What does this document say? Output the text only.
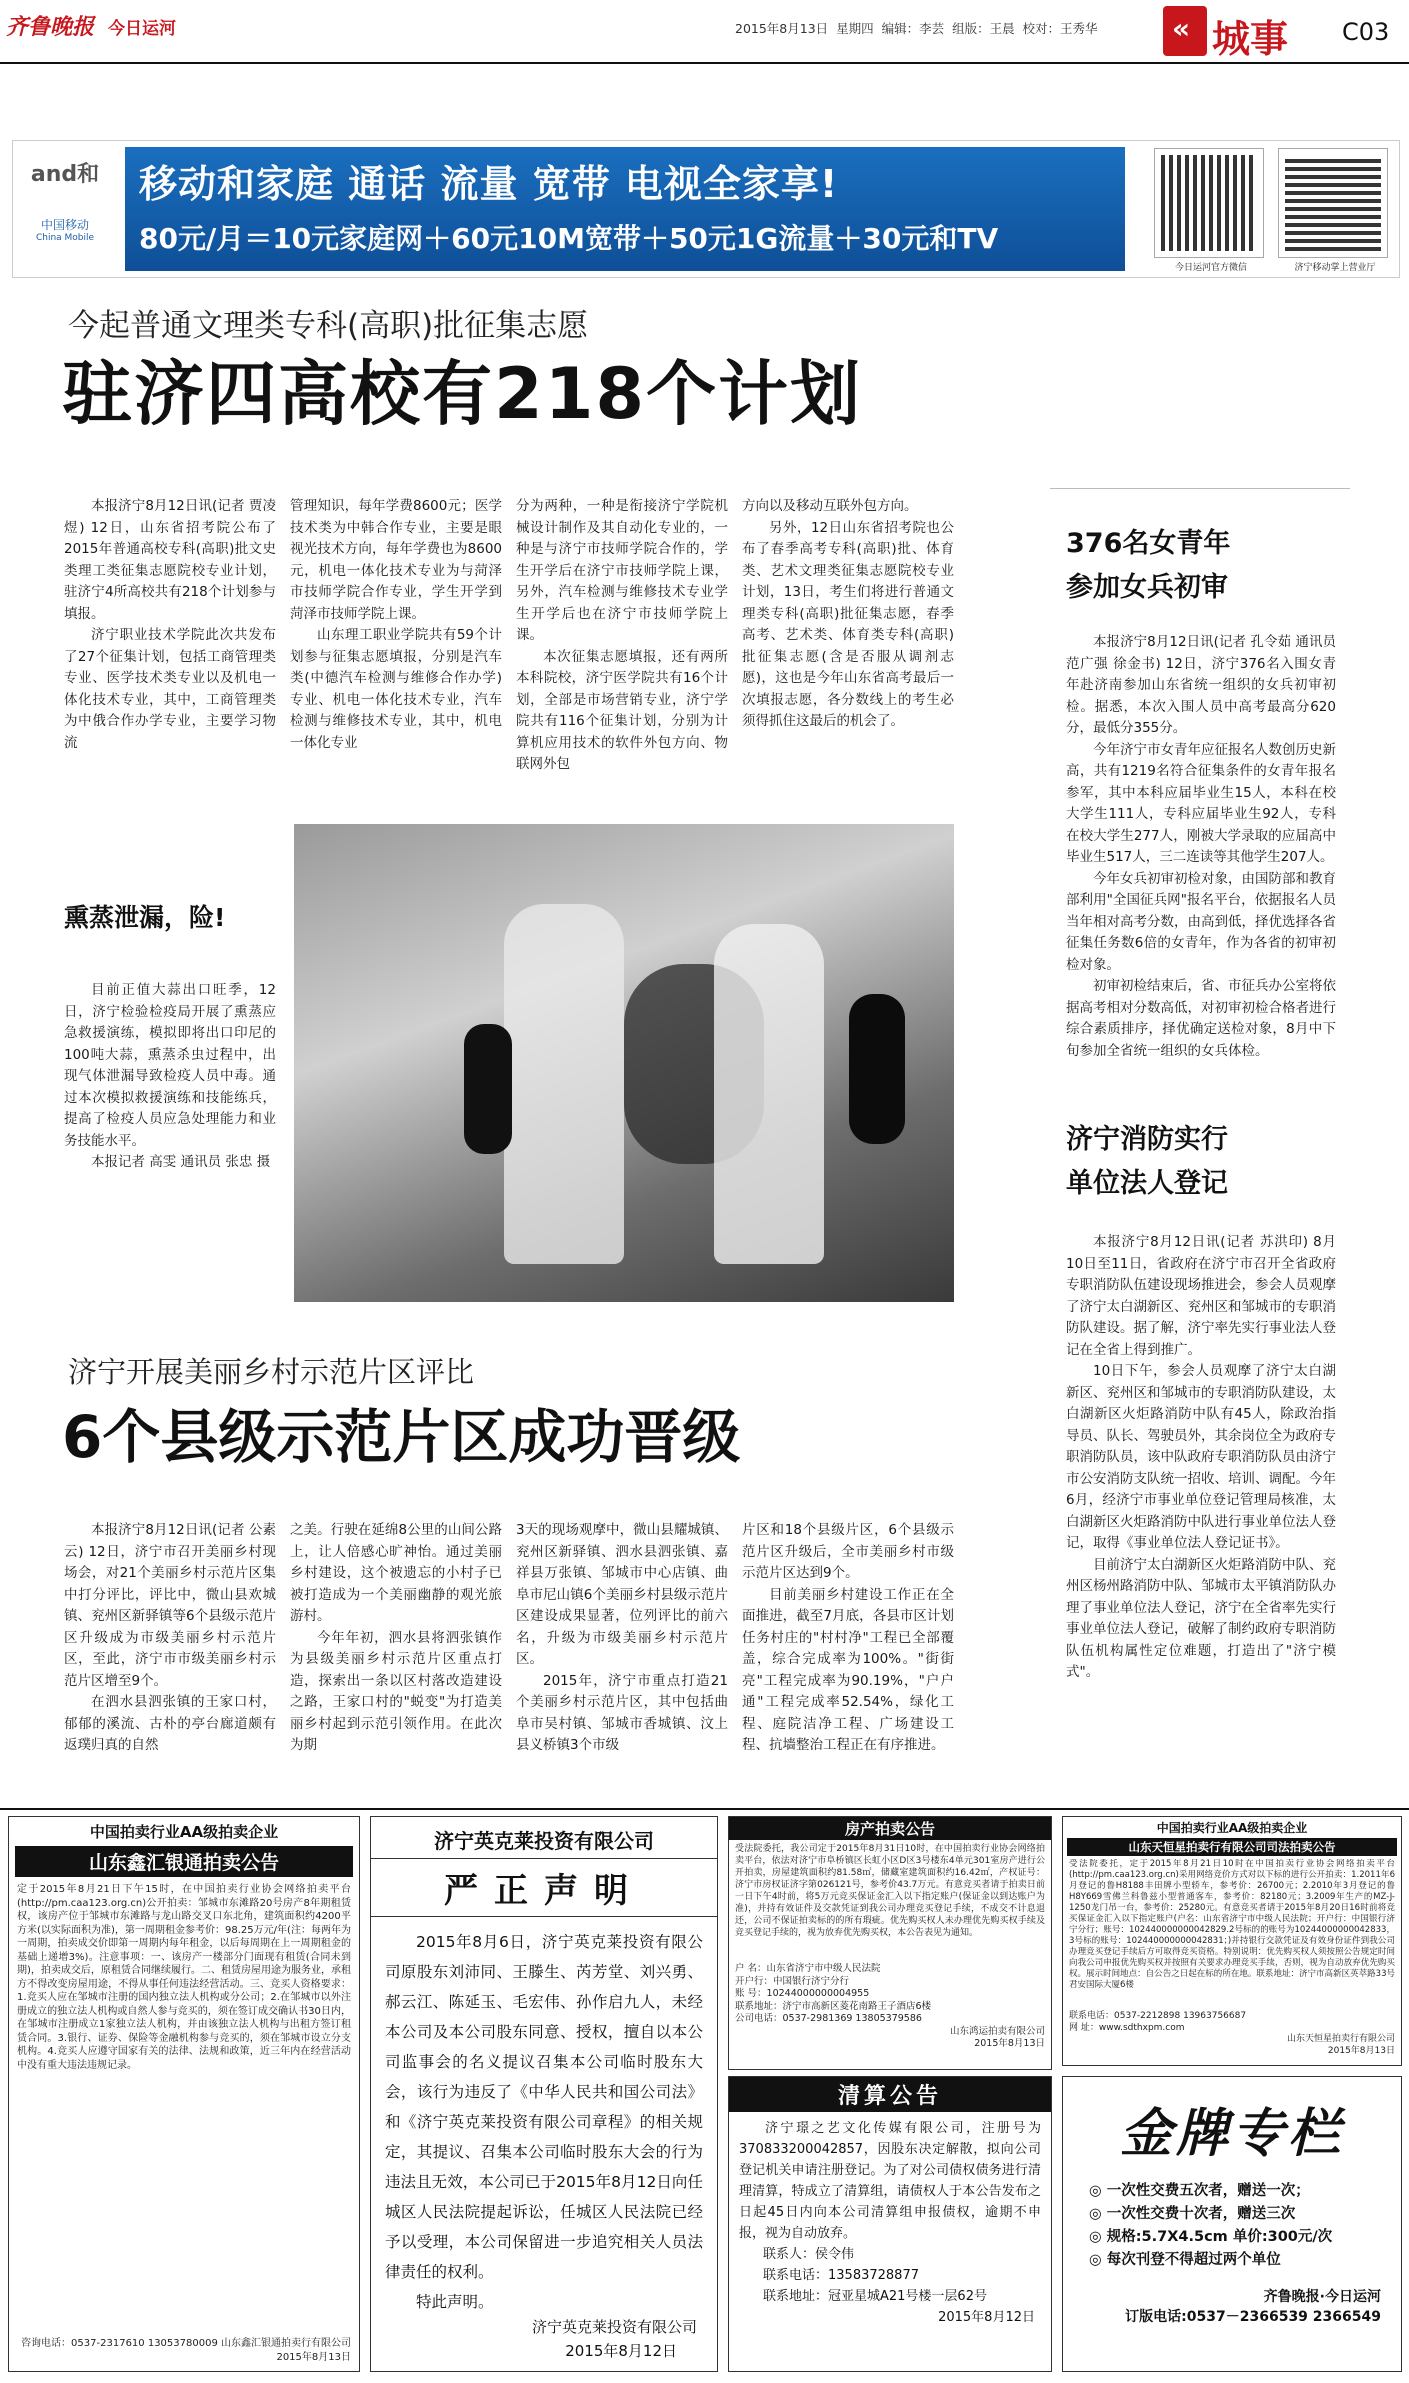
齐鲁晚报 今日运河	2015年8月13日 星期四 编辑：李芸 组版：王晨 校对：王秀华	« 城事 C03
and和
中国移动
China Mobile
移动和家庭 通话 流量 宽带 电视全家享!
80元/月＝10元家庭网＋60元10M宽带＋50元1G流量＋30元和TV
今日运河官方微信	济宁移动掌上营业厅
今起普通文理类专科(高职)批征集志愿
驻济四高校有218个计划

本报济宁8月12日讯(记者 贾凌煜) 12日，山东省招考院公布了2015年普通高校专科(高职)批文史类理工类征集志愿院校专业计划，驻济宁4所高校共有218个计划参与填报。

济宁职业技术学院此次共发布了27个征集计划，包括工商管理类专业、医学技术类专业以及机电一体化技术专业，其中，工商管理类为中俄合作办学专业，主要学习物流

管理知识，每年学费8600元；医学技术类为中韩合作专业，主要是眼视光技术方向，每年学费也为8600元，机电一体化技术专业为与菏泽市技师学院合作专业，学生开学到菏泽市技师学院上课。

山东理工职业学院共有59个计划参与征集志愿填报，分别是汽车类(中德汽车检测与维修合作办学)专业、机电一体化技术专业，汽车检测与维修技术专业，其中，机电一体化专业

分为两种，一种是衔接济宁学院机械设计制作及其自动化专业的，一种是与济宁市技师学院合作的，学生开学后在济宁市技师学院上课，另外，汽车检测与维修技术专业学生开学后也在济宁市技师学院上课。

本次征集志愿填报，还有两所本科院校，济宁医学院共有16个计划，全部是市场营销专业，济宁学院共有116个征集计划，分别为计算机应用技术的软件外包方向、物联网外包

方向以及移动互联外包方向。

另外，12日山东省招考院也公布了春季高考专科(高职)批、体育类、艺术文理类征集志愿院校专业计划，13日，考生们将进行普通文理类专科(高职)批征集志愿，春季高考、艺术类、体育类专科(高职)批征集志愿(含是否服从调剂志愿)，这也是今年山东省高考最后一次填报志愿，各分数线上的考生必须得抓住这最后的机会了。

熏蒸泄漏，险!

目前正值大蒜出口旺季，12日，济宁检验检疫局开展了熏蒸应急救援演练，模拟即将出口印尼的100吨大蒜，熏蒸杀虫过程中，出现气体泄漏导致检疫人员中毒。通过本次模拟救援演练和技能练兵，提高了检疫人员应急处理能力和业务技能水平。

本报记者 高雯 通讯员 张忠 摄

376名女青年
参加女兵初审

本报济宁8月12日讯(记者 孔令茹 通讯员 范广强 徐金书) 12日，济宁376名入围女青年赴济南参加山东省统一组织的女兵初审初检。据悉，本次入围人员中高考最高分620分，最低分355分。

今年济宁市女青年应征报名人数创历史新高，共有1219名符合征集条件的女青年报名参军，其中本科应届毕业生15人，本科在校大学生111人，专科应届毕业生92人，专科在校大学生277人，刚被大学录取的应届高中毕业生517人，三二连读等其他学生207人。

今年女兵初审初检对象，由国防部和教育部利用"全国征兵网"报名平台，依据报名人员当年相对高考分数，由高到低，择优选择各省征集任务数6倍的女青年，作为各省的初审初检对象。

初审初检结束后，省、市征兵办公室将依据高考相对分数高低，对初审初检合格者进行综合素质排序，择优确定送检对象，8月中下旬参加全省统一组织的女兵体检。

济宁消防实行
单位法人登记

本报济宁8月12日讯(记者 苏洪印) 8月10日至11日，省政府在济宁市召开全省政府专职消防队伍建设现场推进会，参会人员观摩了济宁太白湖新区、兖州区和邹城市的专职消防队建设。据了解，济宁率先实行事业法人登记在全省上得到推广。

10日下午，参会人员观摩了济宁太白湖新区、兖州区和邹城市的专职消防队建设，太白湖新区火炬路消防中队有45人，除政治指导员、队长、驾驶员外，其余岗位全为政府专职消防队员，该中队政府专职消防队员由济宁市公安消防支队统一招收、培训、调配。今年6月，经济宁市事业单位登记管理局核准，太白湖新区火炬路消防中队进行事业单位法人登记，取得《事业单位法人登记证书》。

目前济宁太白湖新区火炬路消防中队、兖州区杨州路消防中队、邹城市太平镇消防队办理了事业单位法人登记，济宁在全省率先实行事业单位法人登记，破解了制约政府专职消防队伍机构属性定位难题，打造出了"济宁模式"。

济宁开展美丽乡村示范片区评比
6个县级示范片区成功晋级

本报济宁8月12日讯(记者 公素云) 12日，济宁市召开美丽乡村现场会，对21个美丽乡村示范片区集中打分评比，评比中，微山县欢城镇、兖州区新驿镇等6个县级示范片区升级成为市级美丽乡村示范片区，至此，济宁市市级美丽乡村示范片区增至9个。

在泗水县泗张镇的王家口村，郁郁的溪流、古朴的亭台廊道颇有返璞归真的自然

之美。行驶在延绵8公里的山间公路上，让人倍感心旷神怡。通过美丽乡村建设，这个被遗忘的小村子已被打造成为一个美丽幽静的观光旅游村。

今年年初，泗水县将泗张镇作为县级美丽乡村示范片区重点打造，探索出一条以区村落改造建设之路，王家口村的"蜕变"为打造美丽乡村起到示范引领作用。在此次为期

3天的现场观摩中，微山县耀城镇、兖州区新驿镇、泗水县泗张镇、嘉祥县万张镇、邹城市中心店镇、曲阜市尼山镇6个美丽乡村县级示范片区建设成果显著，位列评比的前六名，升级为市级美丽乡村示范片区。

2015年，济宁市重点打造21个美丽乡村示范片区，其中包括曲阜市吴村镇、邹城市香城镇、汶上县义桥镇3个市级

片区和18个县级片区，6个县级示范片区升级后，全市美丽乡村市级示范片区达到9个。

目前美丽乡村建设工作正在全面推进，截至7月底，各县市区计划任务村庄的"村村净"工程已全部覆盖，综合完成率为100%。"街街亮"工程完成率为90.19%，"户户通"工程完成率52.54%，绿化工程、庭院洁净工程、广场建设工程、抗墙整治工程正在有序推进。

中国拍卖行业AA级拍卖企业
山东鑫汇银通拍卖公告
定于2015年8月21日下午15时，在中国拍卖行业协会网络拍卖平台(http://pm.caa123.org.cn)公开拍卖：邹城市东滩路20号房产8年期租赁权，该房产位于邹城市东滩路与龙山路交叉口东北角，建筑面积约4200平方米(以实际面积为准)，第一周期租金参考价：98.25万元/年(注：每两年为一周期，拍卖成交价即第一周期内每年租金，以后每周期在上一周期租金的基础上递增3%)。注意事项：一、该房产一楼部分门面现有租赁(合同未到期)，拍卖成交后，原租赁合同继续履行。二、租赁房屋用途为服务业，承租方不得改变房屋用途，不得从事任何违法经营活动。三、竞买人资格要求：1.竞买人应在邹城市注册的国内独立法人机构或分公司；2.在邹城市以外注册成立的独立法人机构或自然人参与竞买的，须在签订成交确认书30日内，在邹城市注册成立1家独立法人机构，并由该独立法人机构与出租方签订租赁合同。3.银行、证券、保险等金融机构参与竞买的，须在邹城市设立分支机构。4.竞买人应遵守国家有关的法律、法规和政策，近三年内在经营活动中没有重大违法违规记录。
咨询电话：0537-2317610 13053780009 山东鑫汇银通拍卖行有限公司 2015年8月13日
济宁英克莱投资有限公司
严正声明
2015年8月6日，济宁英克莱投资有限公司原股东刘沛同、王滕生、芮芳堂、刘兴勇、郝云江、陈延玉、毛宏伟、孙作启九人，未经本公司及本公司股东同意、授权，擅自以本公司监事会的名义提议召集本公司临时股东大会，该行为违反了《中华人民共和国公司法》和《济宁英克莱投资有限公司章程》的相关规定，其提议、召集本公司临时股东大会的行为违法且无效，本公司已于2015年8月12日向任城区人民法院提起诉讼，任城区人民法院已经予以受理，本公司保留进一步追究相关人员法律责任的权利。
特此声明。
济宁英克莱投资有限公司
2015年8月12日
房产拍卖公告
受法院委托，我公司定于2015年8月31日10时，在中国拍卖行业协会网络拍卖平台，依法对济宁市阜桥镇区长虹小区D区3号楼东4单元301室房产进行公开拍卖，房屋建筑面积约81.58㎡，储藏室建筑面积约16.42㎡，产权证号：济宁市房权证济字第026121号，参考价43.7万元。有意竞买者请于拍卖日前一日下午4时前，将5万元竞买保证金汇入以下指定账户(保证金以到达账户为准)，并持有效证件及交款凭证到我公司办理竞买登记手续，不成交不计息退还，公司不保证拍卖标的的所有瑕疵。优先购买权人未办理优先购买权手续及竞买登记手续的，视为放弃优先购买权，本公告表见为通知。
户 名：山东省济宁市中级人民法院
开户行：中国银行济宁分行
账 号：10244000000004955
联系地址：济宁市高新区菱花南路王子酒店6楼
公司电话：0537-2981369 13805379586
山东鸿运拍卖有限公司
2015年8月13日
清算公告
济宁璟之艺文化传媒有限公司，注册号为370833200042857，因股东决定解散，拟向公司登记机关申请注册登记。为了对公司债权债务进行清理清算，特成立了清算组，请债权人于本公告发布之日起45日内向本公司清算组申报债权，逾期不申报，视为自动放弃。
联系人：侯令伟
联系电话：13583728877
联系地址：冠亚星城A21号楼一层62号
2015年8月12日
中国拍卖行业AA级拍卖企业
山东天恒星拍卖行有限公司司法拍卖公告
受法院委托，定于2015年8月21日10时在中国拍卖行业协会网络拍卖平台(http://pm.caa123.org.cn)采用网络竞价方式对以下标的进行公开拍卖：1.2011年6月登记的鲁H8188丰田牌小型轿车，参考价：26700元；2.2010年3月登记的鲁H8Y669雪佛兰科鲁兹小型普通客车，参考价：82180元；3.2009年生产的MZ-J-1250龙门吊一台，参考价：25280元。有意竞买者请于2015年8月20日16时前将竞买保证金汇入以下指定账户(户名：山东省济宁市中级人民法院；开户行：中国银行济宁分行；账号：102440000000042829.2号标的的账号为10244000000042833，3号标的账号：102440000000042831；)并持银行交款凭证及有效身份证件到我公司办理竞买登记手续后方可取得竞买资格。特别说明：优先购买权人须按照公告规定时间向我公司申报优先购买权并按照有关要求办理竞买手续，否则，视为自动放弃优先购买权。展示时间地点：自公告之日起在标的所在地。联系地址：济宁市高新区英萃路33号君安国际大厦6楼
联系电话：0537-2212898 13963756687
网 址：www.sdthxpm.com
山东天恒星拍卖行有限公司
2015年8月13日
金牌专栏
◎ 一次性交费五次者，赠送一次；
◎ 一次性交费十次者，赠送三次
◎ 规格:5.7X4.5cm 单价:300元/次
◎ 每次刊登不得超过两个单位
齐鲁晚报·今日运河
订版电话:0537－2366539 2366549
